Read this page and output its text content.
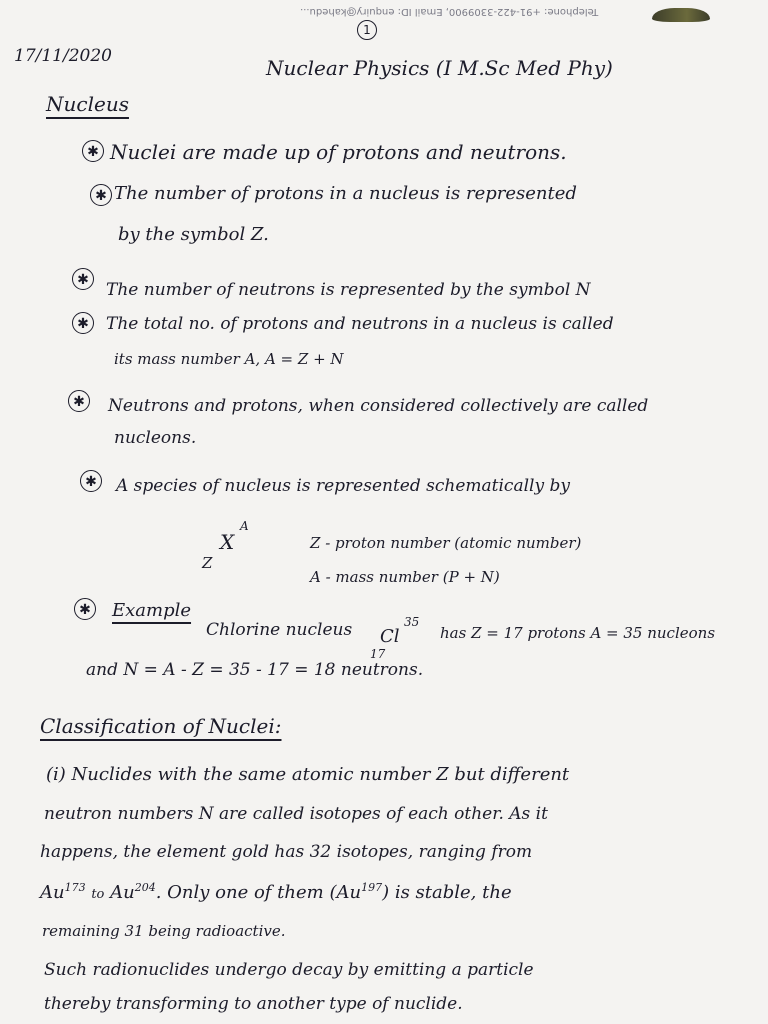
Telephone: +91-422-3309900, Email ID: enquiry@kahedu...
1
17/11/2020	Nuclear Physics (I M.Sc Med Phy)
Nucleus
✱ Nuclei are made up of protons and neutrons.
✱ The number of protons in a nucleus is represented
by the symbol Z.
✱	The number of neutrons is represented by the symbol N
✱	The total no. of protons and neutrons in a nucleus is called
its mass number A, A = Z + N
✱	Neutrons and protons, when considered collectively are called
nucleons.
✱	A species of nucleus is represented schematically by
A
X
Z
Z - proton number (atomic number)
A - mass number (P + N)
✱ Example
Chlorine nucleus Cl
35
17
has Z = 17 protons A = 35 nucleons
and N = A - Z = 35 - 17 = 18 neutrons.
Classification of Nuclei:
(i) Nuclides with the same atomic number Z but different
neutron numbers N are called isotopes of each other. As it
happens, the element gold has 32 isotopes, ranging from
Au$^{173}$ to Au$^{204}$. Only one of them (Au$^{197}$) is stable, the
remaining 31 being radioactive.
Such radionuclides undergo decay by emitting a particle
thereby transforming to another type of nuclide.
